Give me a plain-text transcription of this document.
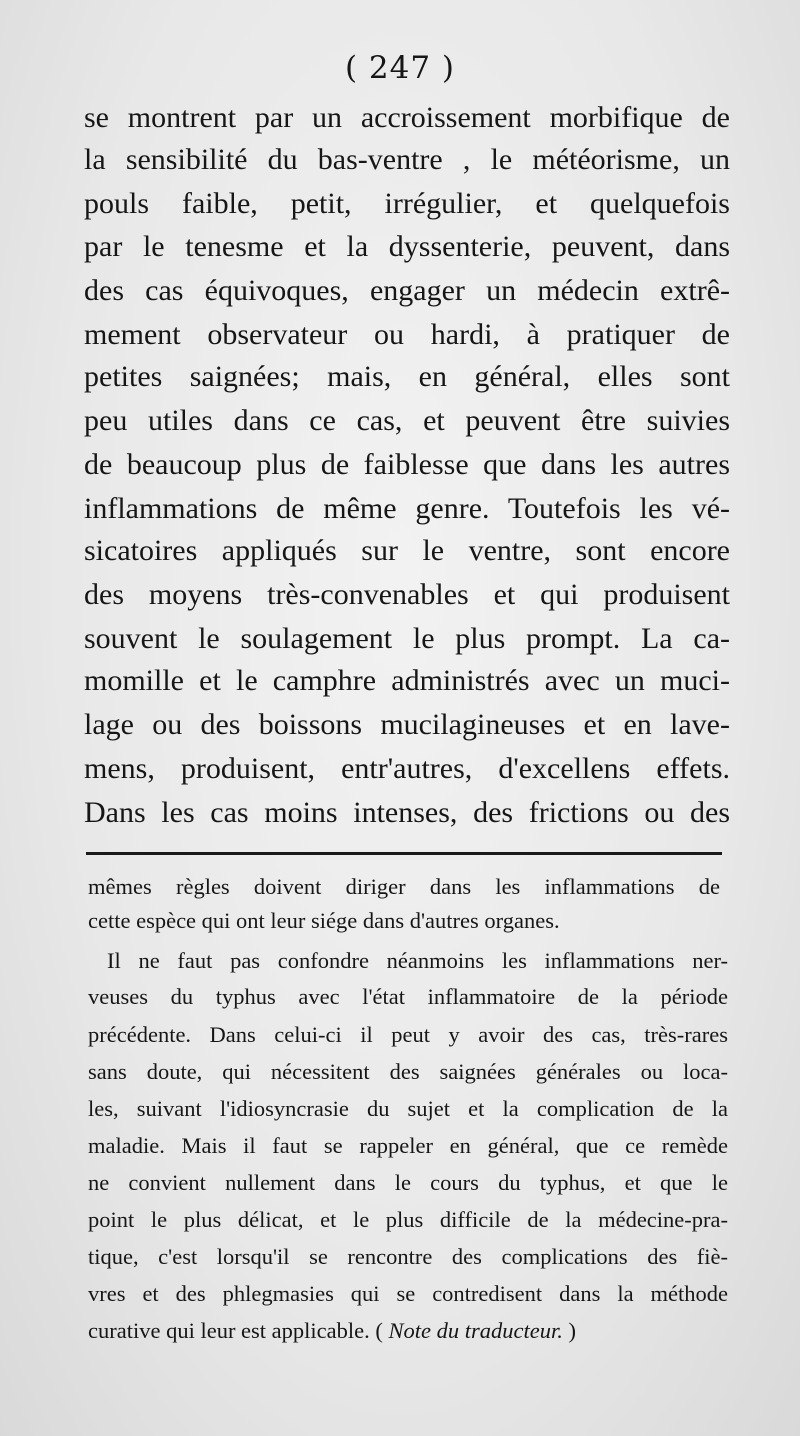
( 247 )
se montrent par un accroissement morbifique de
la sensibilité du bas-ventre , le météorisme, un
pouls faible, petit, irrégulier, et quelquefois
par le tenesme et la dyssenterie, peuvent, dans
des cas équivoques, engager un médecin extrê-
mement observateur ou hardi, à pratiquer de
petites saignées; mais, en général, elles sont
peu utiles dans ce cas, et peuvent être suivies
de beaucoup plus de faiblesse que dans les autres
inflammations de même genre. Toutefois les vé-
sicatoires appliqués sur le ventre, sont encore
des moyens très-convenables et qui produisent
souvent le soulagement le plus prompt. La ca-
momille et le camphre administrés avec un muci-
lage ou des boissons mucilagineuses et en lave-
mens, produisent, entr'autres, d'excellens effets.
Dans les cas moins intenses, des frictions ou des
mêmes règles doivent diriger dans les inflammations de
cette espèce qui ont leur siége dans d'autres organes.
Il ne faut pas confondre néanmoins les inflammations ner-
veuses du typhus avec l'état inflammatoire de la période
précédente. Dans celui-ci il peut y avoir des cas, très-rares
sans doute, qui nécessitent des saignées générales ou loca-
les, suivant l'idiosyncrasie du sujet et la complication de la
maladie. Mais il faut se rappeler en général, que ce remède
ne convient nullement dans le cours du typhus, et que le
point le plus délicat, et le plus difficile de la médecine-pra-
tique, c'est lorsqu'il se rencontre des complications des fiè-
vres et des phlegmasies qui se contredisent dans la méthode
curative qui leur est applicable. ( Note du traducteur. )
